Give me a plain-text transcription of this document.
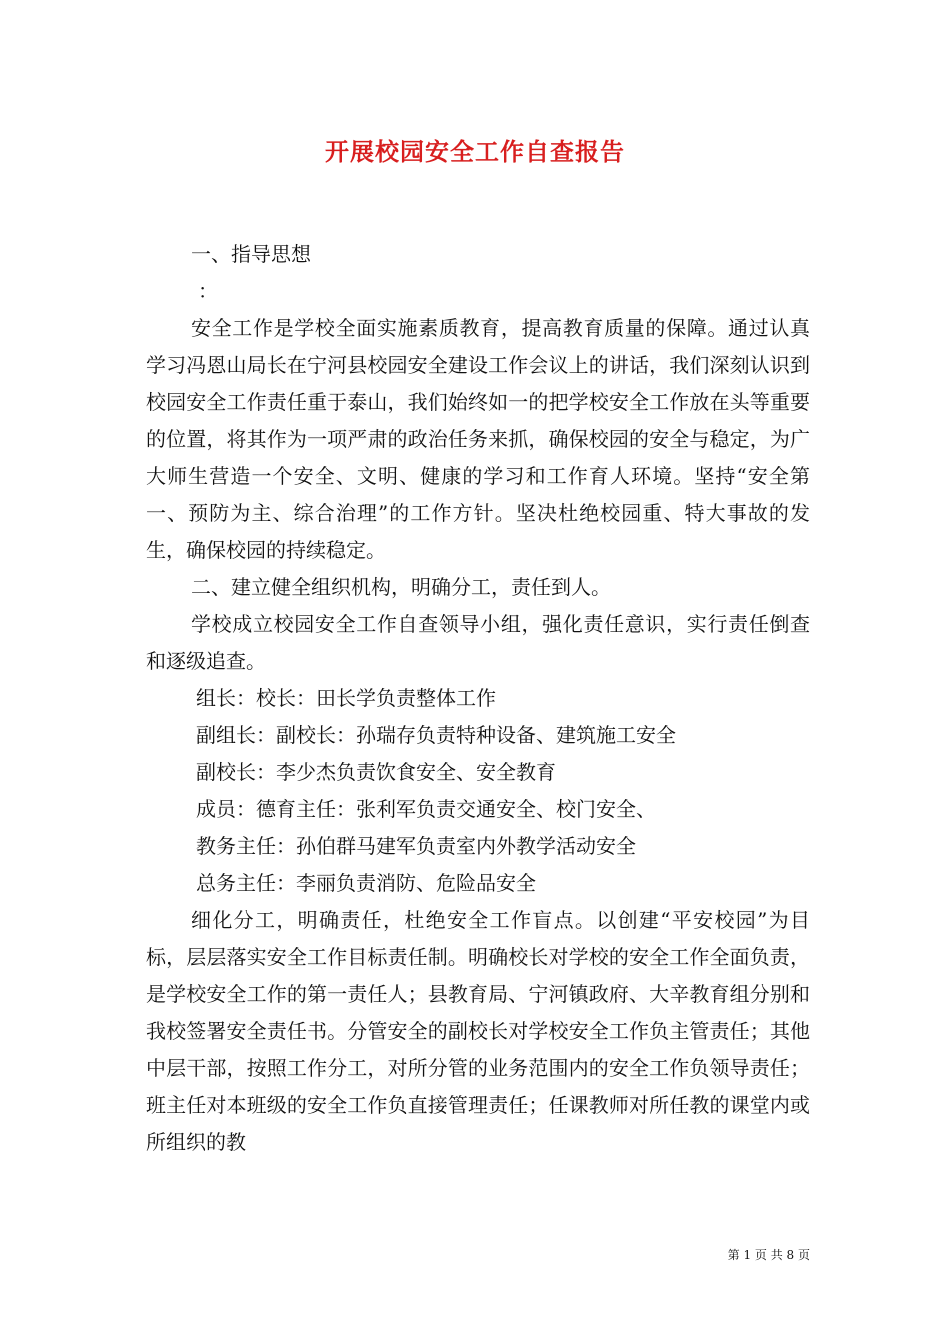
开展校园安全工作自查报告

一、指导思想

：

安全工作是学校全面实施素质教育，提高教育质量的保障。通过认真学习冯恩山局长在宁河县校园安全建设工作会议上的讲话，我们深刻认识到校园安全工作责任重于泰山，我们始终如一的把学校安全工作放在头等重要的位置，将其作为一项严肃的政治任务来抓，确保校园的安全与稳定，为广大师生营造一个安全、文明、健康的学习和工作育人环境。坚持“安全第一、预防为主、综合治理”的工作方针。坚决杜绝校园重、特大事故的发生，确保校园的持续稳定。

二、建立健全组织机构，明确分工，责任到人。

学校成立校园安全工作自查领导小组，强化责任意识，实行责任倒查和逐级追查。

组长：校长：田长学负责整体工作

副组长：副校长：孙瑞存负责特种设备、建筑施工安全

副校长：李少杰负责饮食安全、安全教育

成员：德育主任：张利军负责交通安全、校门安全、

教务主任：孙伯群马建军负责室内外教学活动安全

总务主任：李丽负责消防、危险品安全

细化分工，明确责任，杜绝安全工作盲点。以创建“平安校园”为目标，层层落实安全工作目标责任制。明确校长对学校的安全工作全面负责，是学校安全工作的第一责任人；县教育局、宁河镇政府、大辛教育组分别和我校签署安全责任书。分管安全的副校长对学校安全工作负主管责任；其他中层干部，按照工作分工，对所分管的业务范围内的安全工作负领导责任；班主任对本班级的安全工作负直接管理责任；任课教师对所任教的课堂内或所组织的教

第 1 页 共 8 页
